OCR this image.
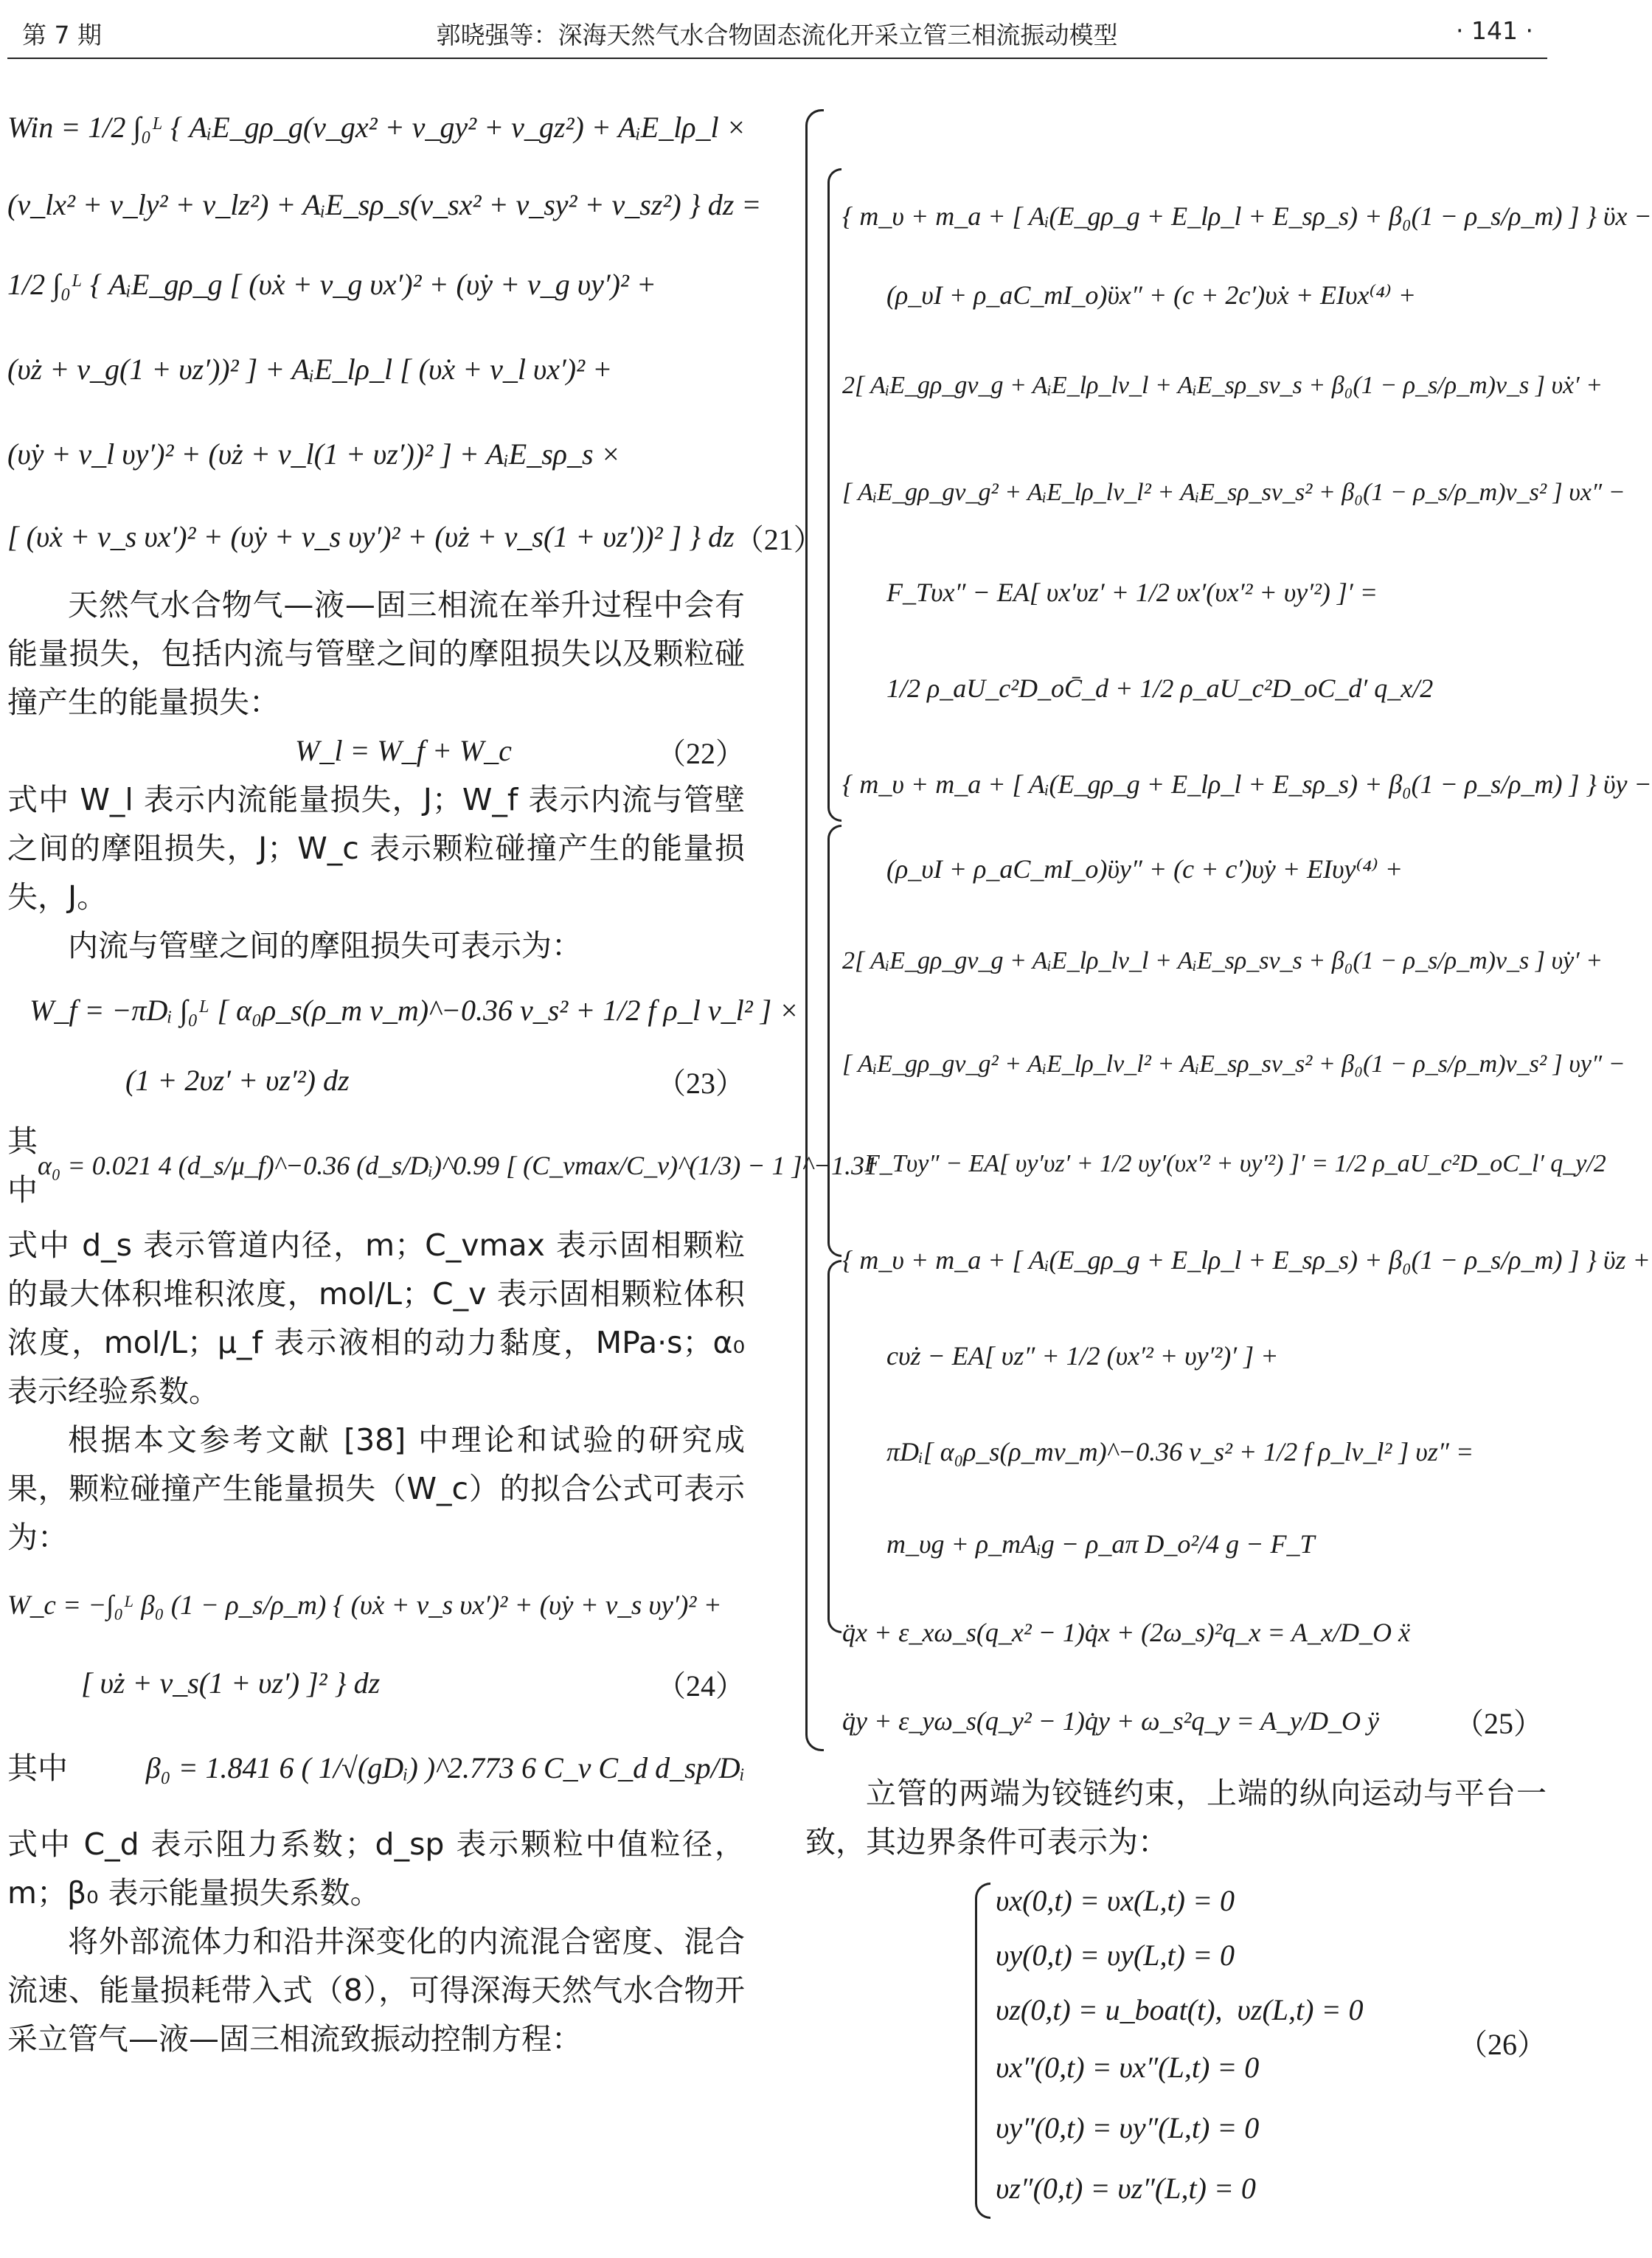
第 7 期	郭晓强等：深海天然气水合物固态流化开采立管三相流振动模型	· 141 ·
Win = 1/2 ∫₀ᴸ { AᵢE_gρ_g(v_gx² + v_gy² + v_gz²) + AᵢE_lρ_l ×
(v_lx² + v_ly² + v_lz²) + AᵢE_sρ_s(v_sx² + v_sy² + v_sz²) } dz =
1/2 ∫₀ᴸ { AᵢE_gρ_g [ (υ̇x + v_g υx′)² + (υ̇y + v_g υy′)² +
(υ̇z + v_g(1 + υz′))² ] + AᵢE_lρ_l [ (υ̇x + v_l υx′)² +
(υ̇y + v_l υy′)² + (υ̇z + v_l(1 + υz′))² ] + AᵢE_sρ_s ×
[ (υ̇x + v_s υx′)² + (υ̇y + v_s υy′)² + (υ̇z + v_s(1 + υz′))² ] } dz （21）

天然气水合物气—液—固三相流在举升过程中会有能量损失，包括内流与管壁之间的摩阻损失以及颗粒碰撞产生的能量损失：

W_l = W_f + W_c	（22）

式中 W_l 表示内流能量损失，J；W_f 表示内流与管壁之间的摩阻损失，J；W_c 表示颗粒碰撞产生的能量损失，J。

内流与管壁之间的摩阻损失可表示为：

W_f = −πDᵢ ∫₀ᴸ [ α₀ρ_s(ρ_m v_m)^−0.36 v_s² + 1/2 f ρ_l v_l² ] ×
(1 + 2υz′ + υz′²) dz	（23）
其中
α₀ = 0.021 4 (d_s/μ_f)^−0.36 (d_s/Dᵢ)^0.99 [ (C_vmax/C_v)^(1/3) − 1 ]^−1.31

式中 d_s 表示管道内径，m；C_vmax 表示固相颗粒的最大体积堆积浓度，mol/L；C_v 表示固相颗粒体积浓度，mol/L；μ_f 表示液相的动力黏度，MPa·s；α₀ 表示经验系数。

根据本文参考文献 [38] 中理论和试验的研究成果，颗粒碰撞产生能量损失（W_c）的拟合公式可表示为：

W_c = −∫₀ᴸ β₀ (1 − ρ_s/ρ_m) { (υ̇x + v_s υx′)² + (υ̇y + v_s υy′)² +
[ υ̇z + v_s(1 + υz′) ]² } dz	（24）
其中	β₀ = 1.841 6 ( 1/√(gDᵢ) )^2.773 6 C_v C_d d_sp/Dᵢ

式中 C_d 表示阻力系数；d_sp 表示颗粒中值粒径，m；β₀ 表示能量损失系数。

将外部流体力和沿井深变化的内流混合密度、混合流速、能量损耗带入式（8），可得深海天然气水合物开采立管气—液—固三相流致振动控制方程：

{ m_υ + m_a + [ Aᵢ(E_gρ_g + E_lρ_l + E_sρ_s) + β₀(1 − ρ_s/ρ_m) ] } ϋx −
(ρ_υI + ρ_aC_mI_o)ϋx″ + (c + 2c′)υ̇x + EIυx⁽⁴⁾ +
2[ AᵢE_gρ_gv_g + AᵢE_lρ_lv_l + AᵢE_sρ_sv_s + β₀(1 − ρ_s/ρ_m)v_s ] υ̇x′ +
[ AᵢE_gρ_gv_g² + AᵢE_lρ_lv_l² + AᵢE_sρ_sv_s² + β₀(1 − ρ_s/ρ_m)v_s² ] υx″ −
F_Tυx″ − EA[ υx′υz′ + 1/2 υx′(υx′² + υy′²) ]′ =
1/2 ρ_aU_c²D_oC̄_d + 1/2 ρ_aU_c²D_oC_d′ q_x/2
{ m_υ + m_a + [ Aᵢ(E_gρ_g + E_lρ_l + E_sρ_s) + β₀(1 − ρ_s/ρ_m) ] } ϋy −
(ρ_υI + ρ_aC_mI_o)ϋy″ + (c + c′)υ̇y + EIυy⁽⁴⁾ +
2[ AᵢE_gρ_gv_g + AᵢE_lρ_lv_l + AᵢE_sρ_sv_s + β₀(1 − ρ_s/ρ_m)v_s ] υ̇y′ +
[ AᵢE_gρ_gv_g² + AᵢE_lρ_lv_l² + AᵢE_sρ_sv_s² + β₀(1 − ρ_s/ρ_m)v_s² ] υy″ −
F_Tυy″ − EA[ υy′υz′ + 1/2 υy′(υx′² + υy′²) ]′ = 1/2 ρ_aU_c²D_oC_l′ q_y/2
{ m_υ + m_a + [ Aᵢ(E_gρ_g + E_lρ_l + E_sρ_s) + β₀(1 − ρ_s/ρ_m) ] } ϋz +
cυ̇z − EA[ υz″ + 1/2 (υx′² + υy′²)′ ] +
πDᵢ[ α₀ρ_s(ρ_mv_m)^−0.36 v_s² + 1/2 f ρ_lv_l² ] υz″ =
m_υg + ρ_mAᵢg − ρ_aπ D_o²/4 g − F_T
q̈x + ε_xω_s(q_x² − 1)q̇x + (2ω_s)²q_x = A_x/D_O ẍ
q̈y + ε_yω_s(q_y² − 1)q̇y + ω_s²q_y = A_y/D_O ÿ	（25）

立管的两端为铰链约束，上端的纵向运动与平台一致，其边界条件可表示为：

υx(0,t) = υx(L,t) = 0
υy(0,t) = υy(L,t) = 0
υz(0,t) = u_boat(t),  υz(L,t) = 0
υx″(0,t) = υx″(L,t) = 0
υy″(0,t) = υy″(L,t) = 0
υz″(0,t) = υz″(L,t) = 0
（26）
